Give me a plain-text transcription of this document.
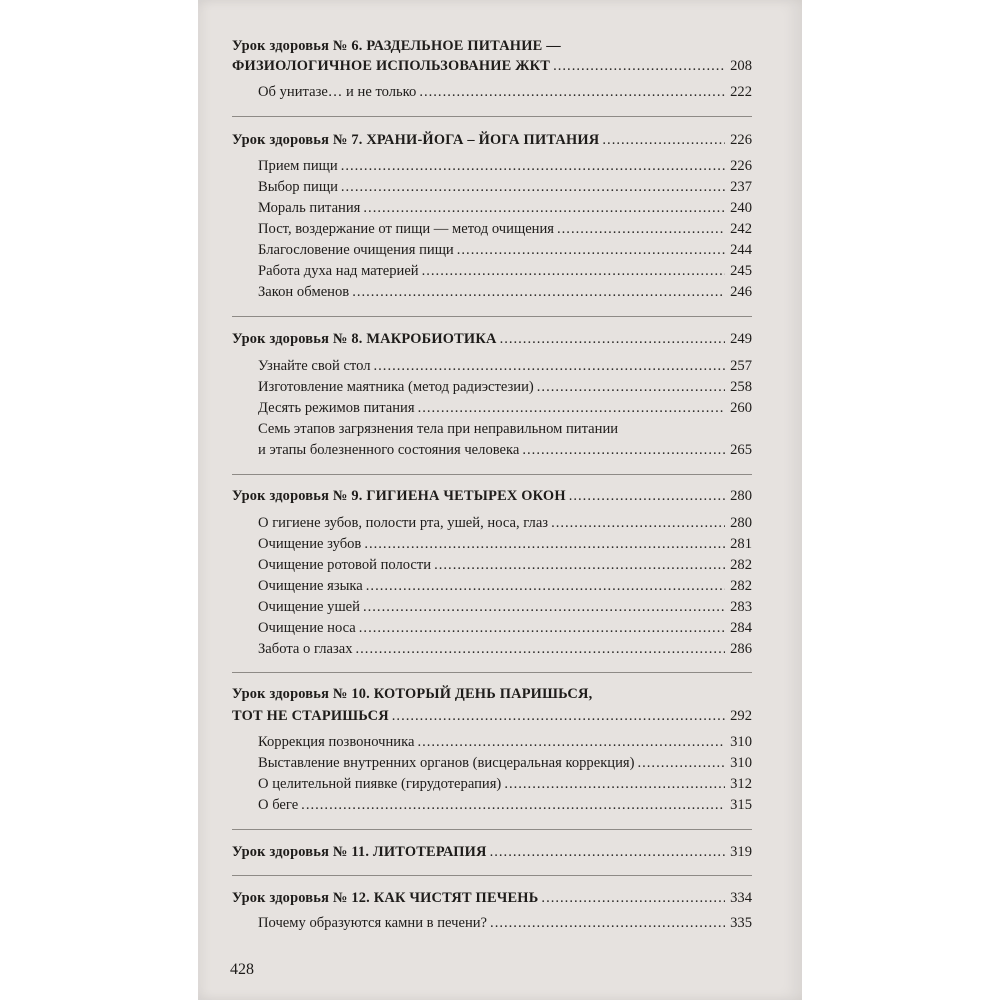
Урок здоровья № 6. РАЗДЕЛЬНОЕ ПИТАНИЕ —
ФИЗИОЛОГИЧНОЕ ИСПОЛЬЗОВАНИЕ ЖКТ .....	208
Об унитазе… и не только .....	222
Урок здоровья № 7. ХРАНИ-ЙОГА – ЙОГА ПИТАНИЯ .....	226
Прием пищи .....	226
Выбор пищи .....	237
Мораль питания .....	240
Пост, воздержание от пищи — метод очищения .....	242
Благословение очищения пищи .....	244
Работа духа над материей .....	245
Закон обменов .....	246
Урок здоровья № 8. МАКРОБИОТИКА .....	249
Узнайте свой стол .....	257
Изготовление маятника (метод радиэстезии) .....	258
Десять режимов питания .....	260
Семь этапов загрязнения тела при неправильном питании
и этапы болезненного состояния человека .....	265
Урок здоровья № 9. ГИГИЕНА ЧЕТЫРЕХ ОКОН .....	280
О гигиене зубов, полости рта, ушей, носа, глаз .....	280
Очищение зубов .....	281
Очищение ротовой полости .....	282
Очищение языка .....	282
Очищение ушей .....	283
Очищение носа .....	284
Забота о глазах .....	286
Урок здоровья № 10. КОТОРЫЙ ДЕНЬ ПАРИШЬСЯ,
ТОТ НЕ СТАРИШЬСЯ .....	292
Коррекция позвоночника .....	310
Выставление внутренних органов (висцеральная коррекция) .....	310
О целительной пиявке (гирудотерапия) .....	312
О беге .....	315
Урок здоровья № 11. ЛИТОТЕРАПИЯ .....	319
Урок здоровья № 12. КАК ЧИСТЯТ ПЕЧЕНЬ .....	334
Почему образуются камни в печени? .....	335
428
